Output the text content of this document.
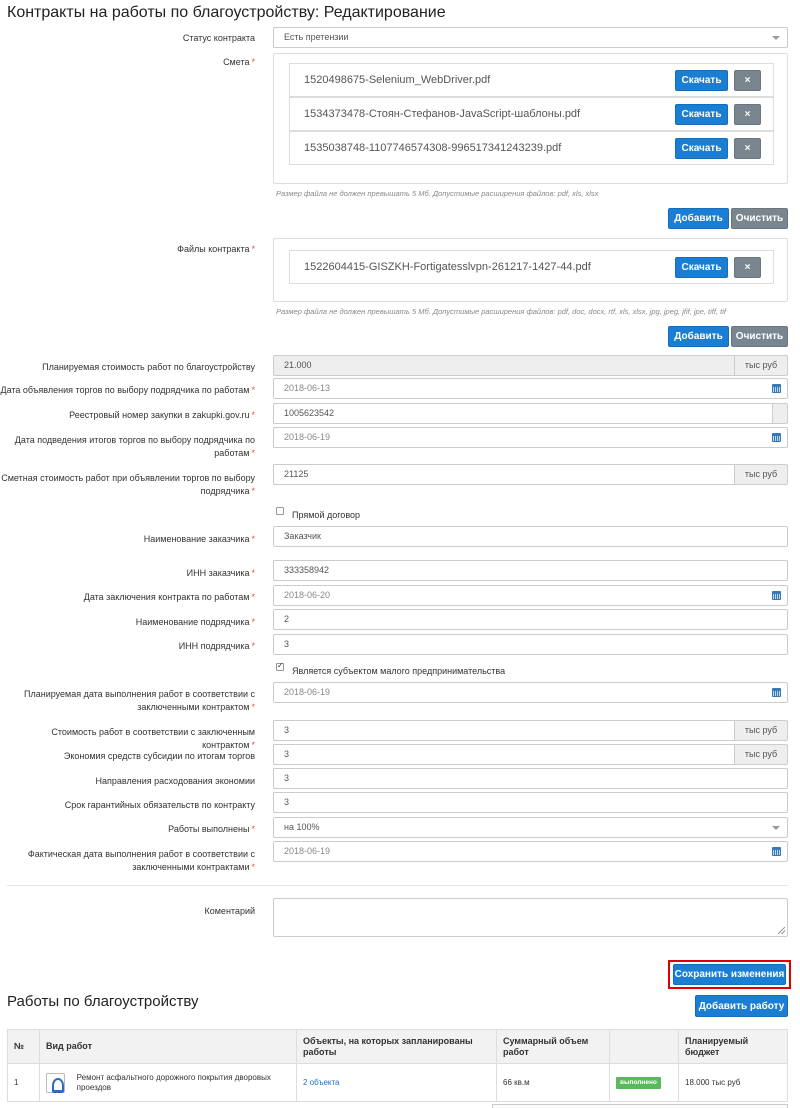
Контракты на работы по благоустройству: Редактирование
Статус контракта	Есть претензии
Смета *
1520498675-Selenium_WebDriver.pdf	Скачать	×
1534373478-Стоян-Стефанов-JavaScript-шаблоны.pdf	Скачать	×
1535038748-1107746574308-996517341243239.pdf	Скачать	×
Размер файла не должен превышать 5 Мб. Допустимые расширения файлов: pdf, xls, xlsx
Добавить	Очистить
Файлы контракта *
1522604415-GISZKH-Fortigatesslvpn-261217-1427-44.pdf	Скачать	×
Размер файла не должен превышать 5 Мб. Допустимые расширения файлов: pdf, doc, docx, rtf, xls, xlsx, jpg, jpeg, jfif, jpe, tiff, tif
Добавить	Очистить
Планируемая стоимость работ по благоустройству	21.000	тыс руб
Дата объявления торгов по выбору подрядчика по работам *	2018-06-13
Реестровый номер закупки в zakupki.gov.ru *	1005623542
Дата подведения итогов торгов по выбору подрядчика по работам *
2018-06-19
Сметная стоимость работ при объявлении торгов по выбору подрядчика *
21125	тыс руб
Прямой договор
Наименование заказчика *	Заказчик
ИНН заказчика *	333358942
Дата заключения контракта по работам *	2018-06-20
Наименование подрядчика *	2
ИНН подрядчика *	3
✓
Является субъектом малого предпринимательства
Планируемая дата выполнения работ в соответствии с заключенными контрактом *
2018-06-19
Стоимость работ в соответствии с заключенным контрактом *
3	тыс руб
Экономия средств субсидии по итогам торгов	3	тыс руб
Направления расходования экономии	3
Срок гарантийных обязательств по контракту	3
Работы выполнены *	на 100%
Фактическая дата выполнения работ в соответствии с заключенными контрактами *
2018-06-19
Коментарий
Сохранить изменения
Работы по благоустройству	Добавить работу
№	Вид работ	Объекты, на которых запланированы работы	Суммарный объем работ		Планируемый бюджет
1	Ремонт асфальтного дорожного покрытия дворовых проездов	2 объекта	66 кв.м	выполнено	18.000 тыс руб
